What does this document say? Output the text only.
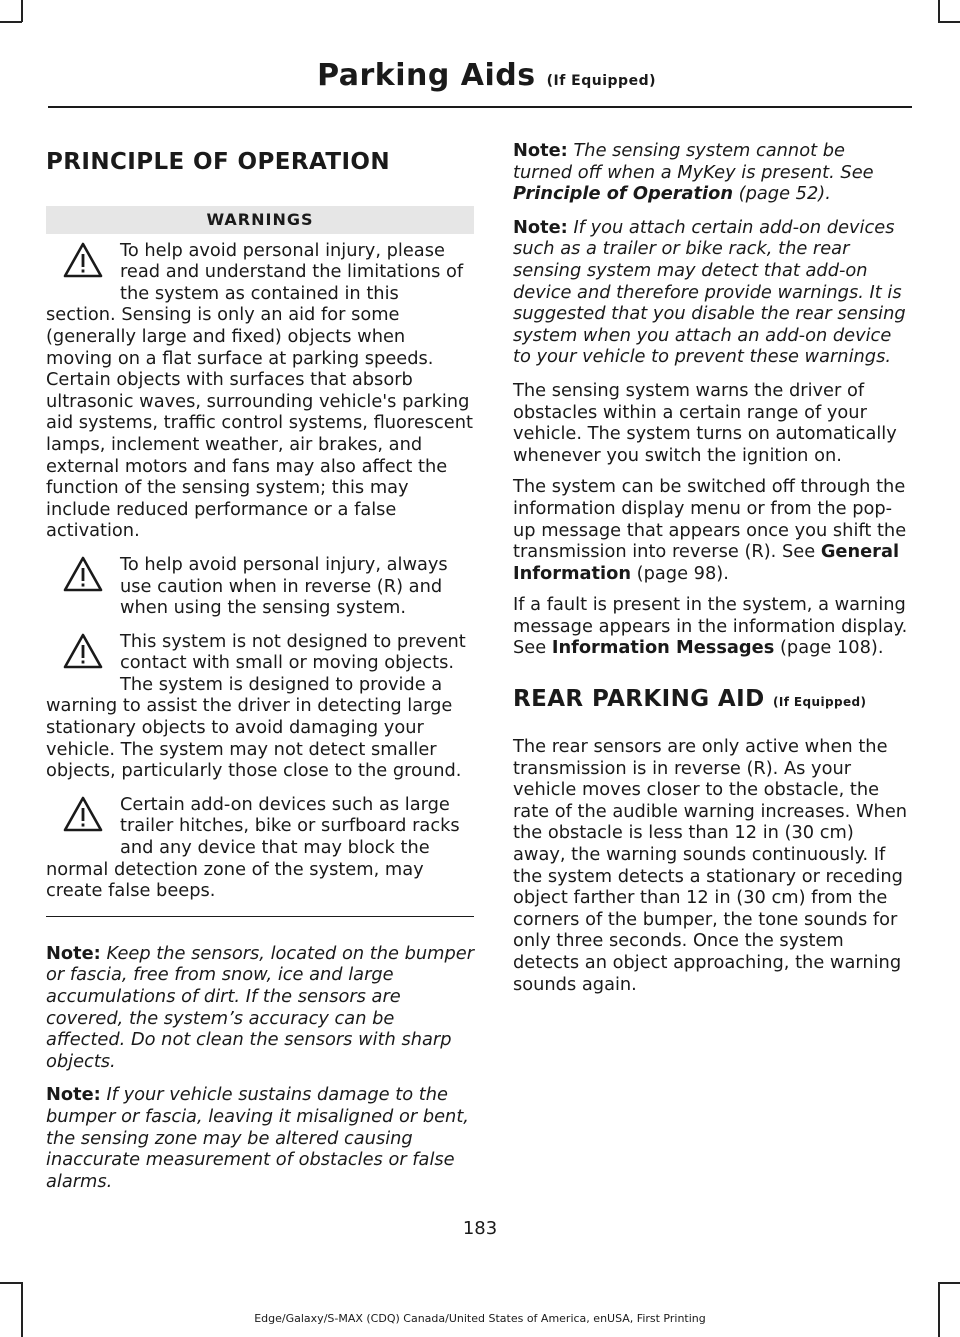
Parking Aids (If Equipped)
PRINCIPLE OF OPERATION
WARNINGS
To help avoid personal injury, please read and understand the limitations of the system as contained in this section. Sensing is only an aid for some (generally large and fixed) objects when moving on a flat surface at parking speeds. Certain objects with surfaces that absorb ultrasonic waves, surrounding vehicle's parking aid systems, traffic control systems, fluorescent lamps, inclement weather, air brakes, and external motors and fans may also affect the function of the sensing system; this may include reduced performance or a false activation.
To help avoid personal injury, always use caution when in reverse (R) and when using the sensing system.
This system is not designed to prevent contact with small or moving objects. The system is designed to provide a warning to assist the driver in detecting large stationary objects to avoid damaging your vehicle. The system may not detect smaller objects, particularly those close to the ground.
Certain add-on devices such as large trailer hitches, bike or surfboard racks and any device that may block the normal detection zone of the system, may create false beeps.

Note: Keep the sensors, located on the bumper or fascia, free from snow, ice and large accumulations of dirt. If the sensors are covered, the system’s accuracy can be affected. Do not clean the sensors with sharp objects.

Note: If your vehicle sustains damage to the bumper or fascia, leaving it misaligned or bent, the sensing zone may be altered causing inaccurate measurement of obstacles or false alarms.

Note: The sensing system cannot be turned off when a MyKey is present. See Principle of Operation (page 52).

Note: If you attach certain add-on devices such as a trailer or bike rack, the rear sensing system may detect that add-on device and therefore provide warnings. It is suggested that you disable the rear sensing system when you attach an add-on device to your vehicle to prevent these warnings.

The sensing system warns the driver of obstacles within a certain range of your vehicle. The system turns on automatically whenever you switch the ignition on.

The system can be switched off through the information display menu or from the pop-up message that appears once you shift the transmission into reverse (R). See General Information (page 98).

If a fault is present in the system, a warning message appears in the information display. See Information Messages (page 108).

REAR PARKING AID (If Equipped)

The rear sensors are only active when the transmission is in reverse (R). As your vehicle moves closer to the obstacle, the rate of the audible warning increases. When the obstacle is less than 12 in (30 cm) away, the warning sounds continuously. If the system detects a stationary or receding object farther than 12 in (30 cm) from the corners of the bumper, the tone sounds for only three seconds. Once the system detects an object approaching, the warning sounds again.

183
Edge/Galaxy/S-MAX (CDQ) Canada/United States of America, enUSA, First Printing
